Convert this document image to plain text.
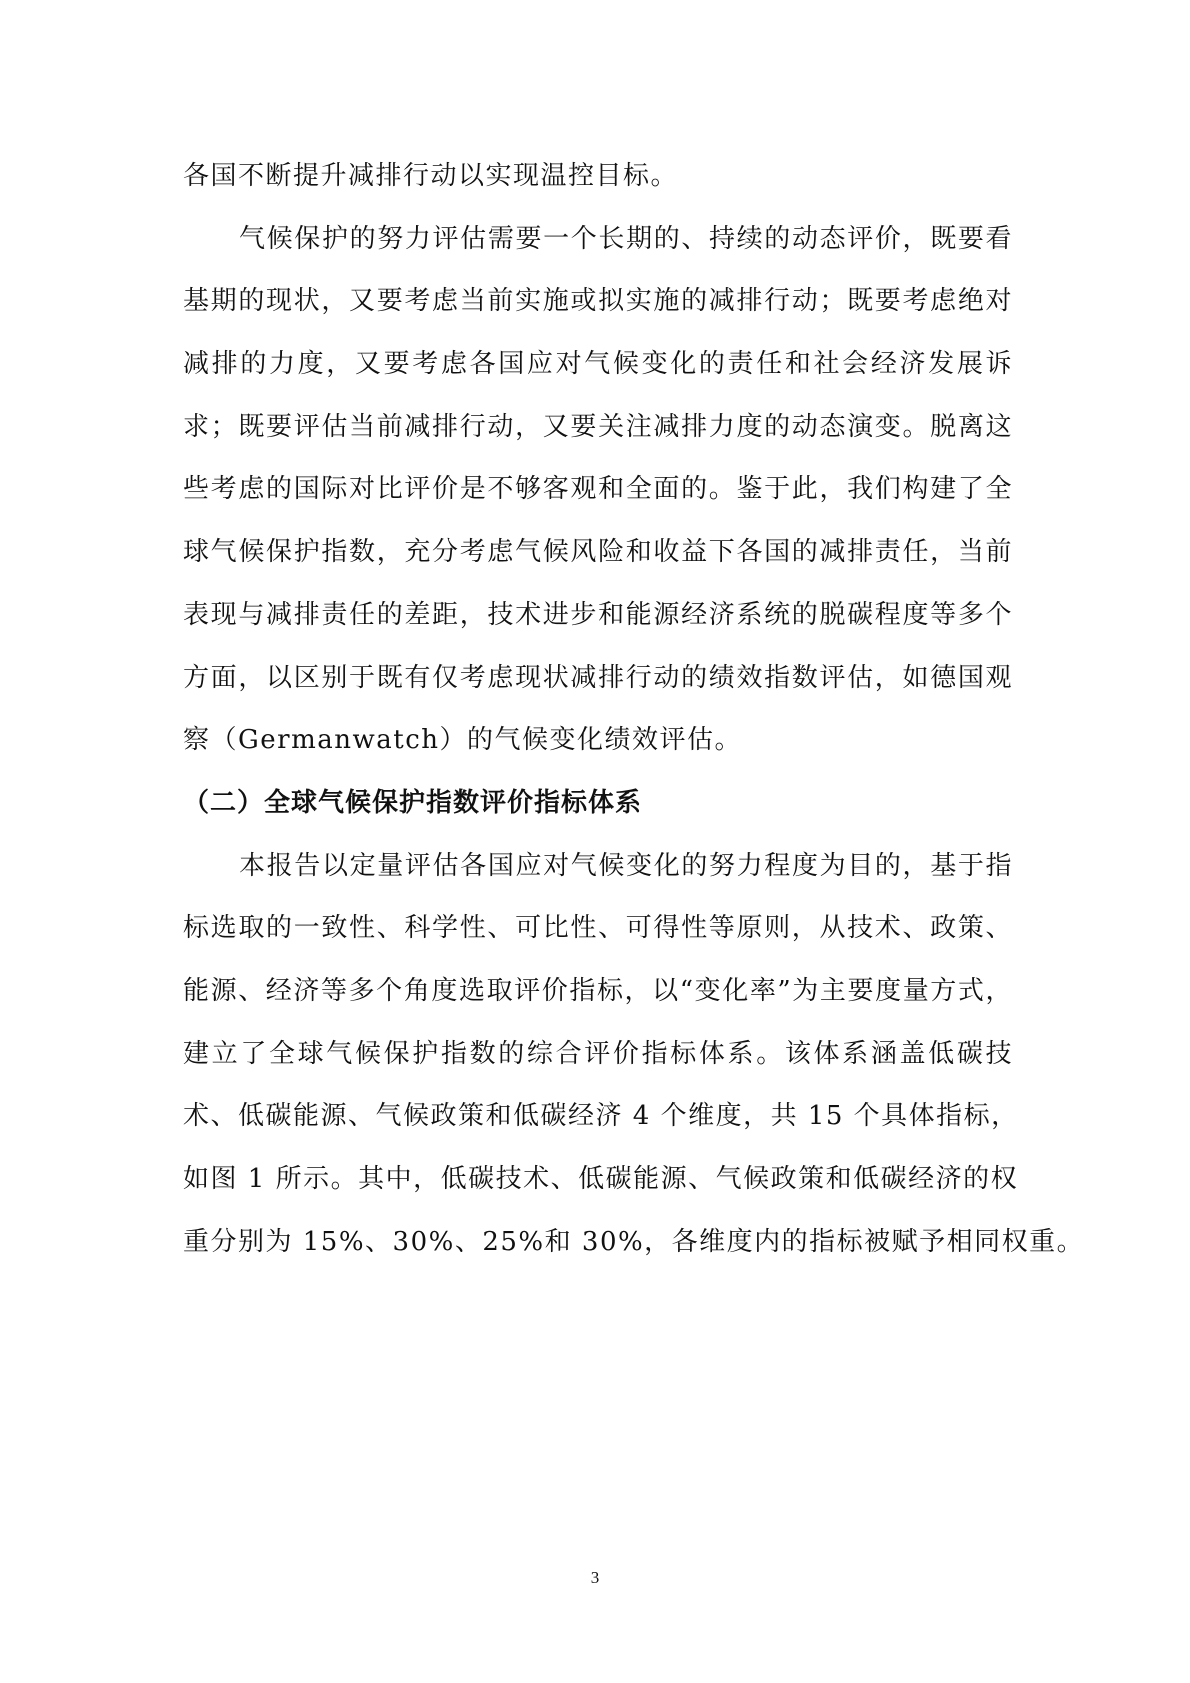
各国不断提升减排行动以实现温控目标。
气候保护的努力评估需要一个长期的、持续的动态评价，既要看
基期的现状，又要考虑当前实施或拟实施的减排行动；既要考虑绝对
减排的力度，又要考虑各国应对气候变化的责任和社会经济发展诉
求；既要评估当前减排行动，又要关注减排力度的动态演变。脱离这
些考虑的国际对比评价是不够客观和全面的。鉴于此，我们构建了全
球气候保护指数，充分考虑气候风险和收益下各国的减排责任，当前
表现与减排责任的差距，技术进步和能源经济系统的脱碳程度等多个
方面，以区别于既有仅考虑现状减排行动的绩效指数评估，如德国观
察（Germanwatch）的气候变化绩效评估。
（二）全球气候保护指数评价指标体系
本报告以定量评估各国应对气候变化的努力程度为目的，基于指
标选取的一致性、科学性、可比性、可得性等原则，从技术、政策、
能源、经济等多个角度选取评价指标，以“变化率”为主要度量方式，
建立了全球气候保护指数的综合评价指标体系。该体系涵盖低碳技
术、低碳能源、气候政策和低碳经济 4 个维度，共 15 个具体指标，
如图 1 所示。其中，低碳技术、低碳能源、气候政策和低碳经济的权
重分别为 15%、30%、25%和 30%，各维度内的指标被赋予相同权重。
3
